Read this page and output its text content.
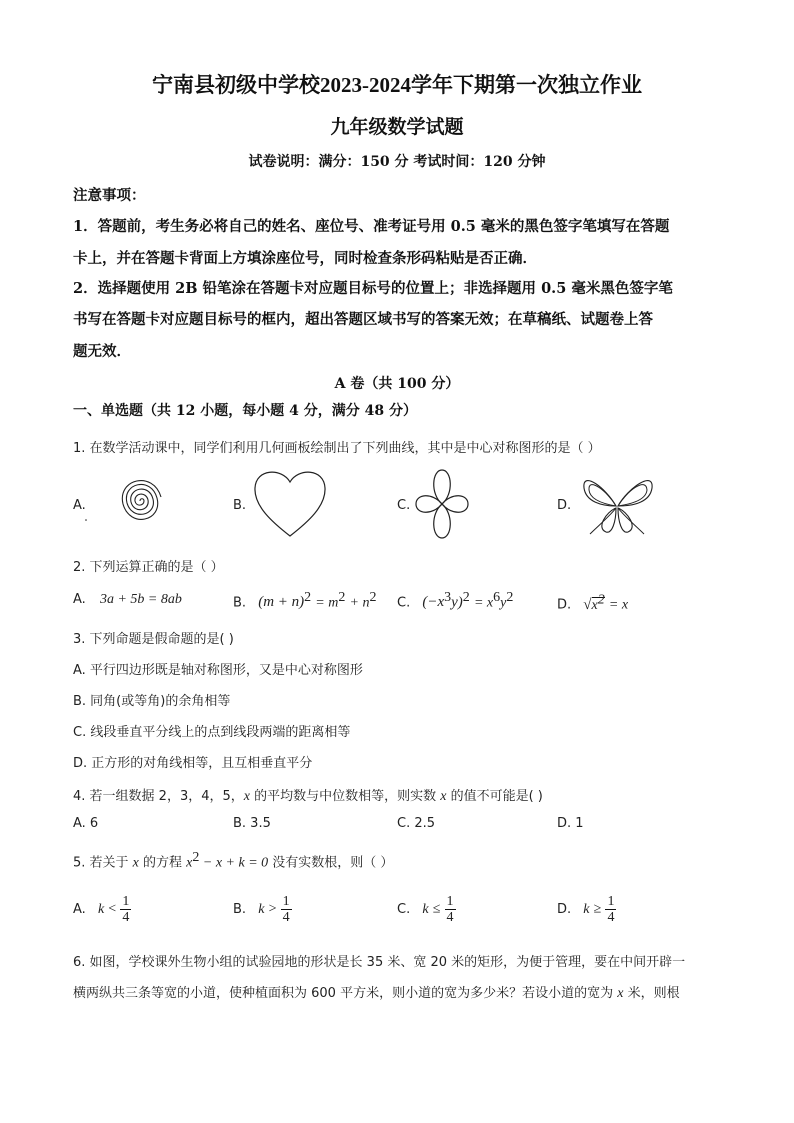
宁南县初级中学校2023-2024学年下期第一次独立作业
九年级数学试题
试卷说明：满分：150 分 考试时间：120 分钟
注意事项：
1．答题前，考生务必将自己的姓名、座位号、准考证号用 0.5 毫米的黑色签字笔填写在答题
卡上，并在答题卡背面上方填涂座位号，同时检查条形码粘贴是否正确．
2．选择题使用 2B 铅笔涂在答题卡对应题目标号的位置上；非选择题用 0.5 毫米黑色签字笔
书写在答题卡对应题目标号的框内，超出答题区域书写的答案无效；在草稿纸、试题卷上答
题无效．
A 卷（共 100 分）
一、单选题（共 12 小题，每小题 4 分，满分 48 分）
1. 在数学活动课中，同学们利用几何画板绘制出了下列曲线，其中是中心对称图形的是（ ）
A.	B.	C.	D.
2. 下列运算正确的是（ ）
A. 3a + 5b = 8ab	B. $(m + n)^2 = m^2 + n^2$ C. $(-x^3y)^2 = x^6y^2$
D. $√x^2 = x$
3. 下列命题是假命题的是( )
A. 平行四边形既是轴对称图形，又是中心对称图形
B. 同角(或等角)的余角相等
C. 线段垂直平分线上的点到线段两端的距离相等
D. 正方形的对角线相等，且互相垂直平分
4. 若一组数据 2，3，4，5，x 的平均数与中位数相等，则实数 x 的值不可能是( )
A. 6	B. 3.5	C. 2.5	D. 1
5. 若关于 x 的方程 $x^2 - x + k = 0$ 没有实数根，则（ ）
A. $k < \frac{1}{4}$	B. $k > \frac{1}{4}$	C. $k \le \frac{1}{4}$	D. $k \ge \frac{1}{4}$
6. 如图，学校课外生物小组的试验园地的形状是长 35 米、宽 20 米的矩形，为便于管理，要在中间开辟一
横两纵共三条等宽的小道，使种植面积为 600 平方米，则小道的宽为多少米？若设小道的宽为 x 米，则根
